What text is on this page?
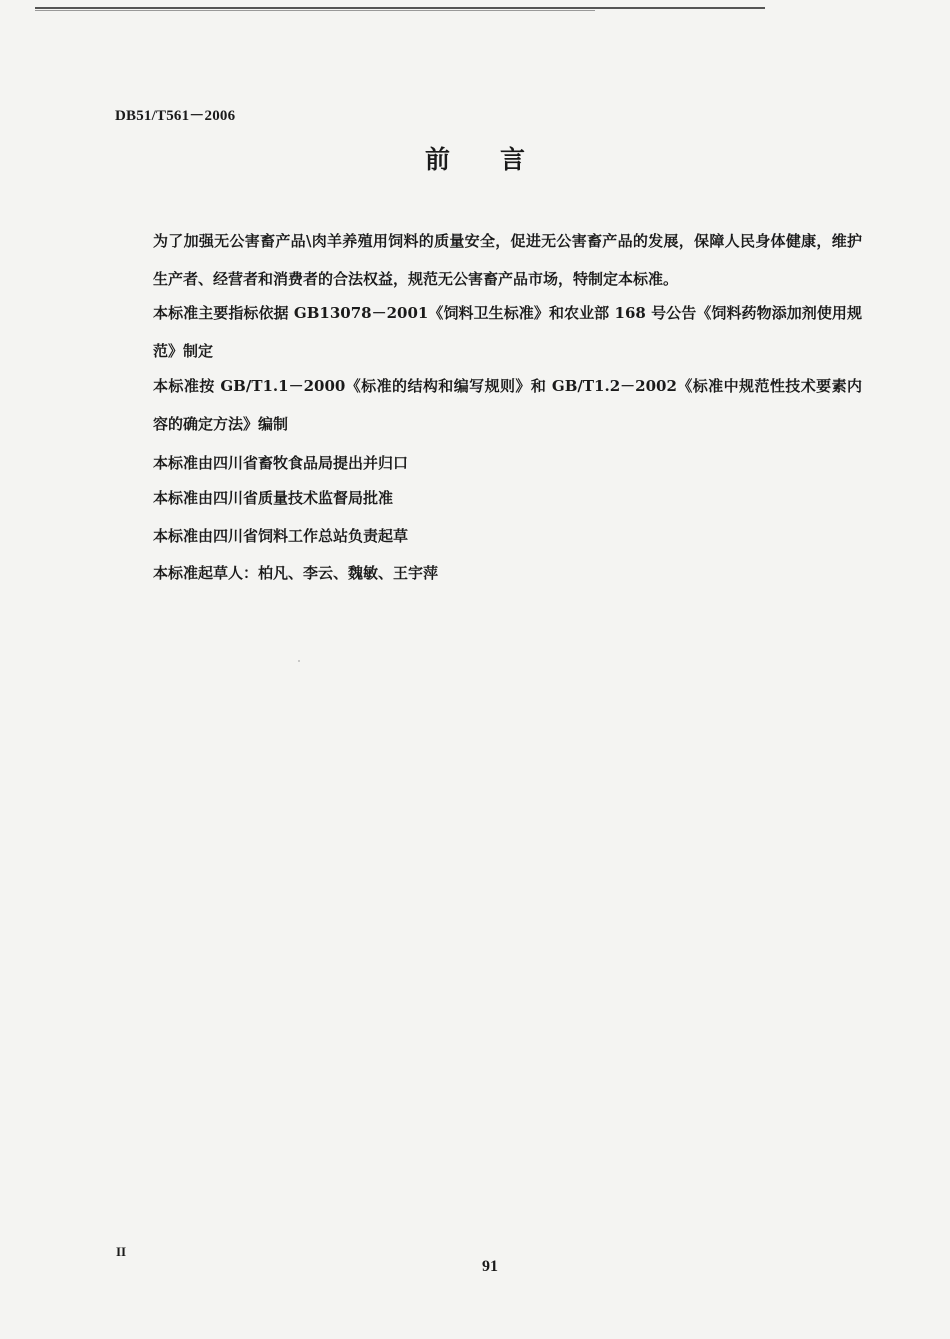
DB51/T561－2006
前言
为了加强无公害畜产品\肉羊养殖用饲料的质量安全，促进无公害畜产品的发展，保障人民身体健康，维护生产者、经营者和消费者的合法权益，规范无公害畜产品市场，特制定本标准。
本标准主要指标依据 GB13078－2001《饲料卫生标准》和农业部 168 号公告《饲料药物添加剂使用规范》制定
本标准按 GB/T1.1－2000《标准的结构和编写规则》和 GB/T1.2－2002《标准中规范性技术要素内容的确定方法》编制
本标准由四川省畜牧食品局提出并归口
本标准由四川省质量技术监督局批准
本标准由四川省饲料工作总站负责起草
本标准起草人：柏凡、李云、魏敏、王宇萍
II
91
